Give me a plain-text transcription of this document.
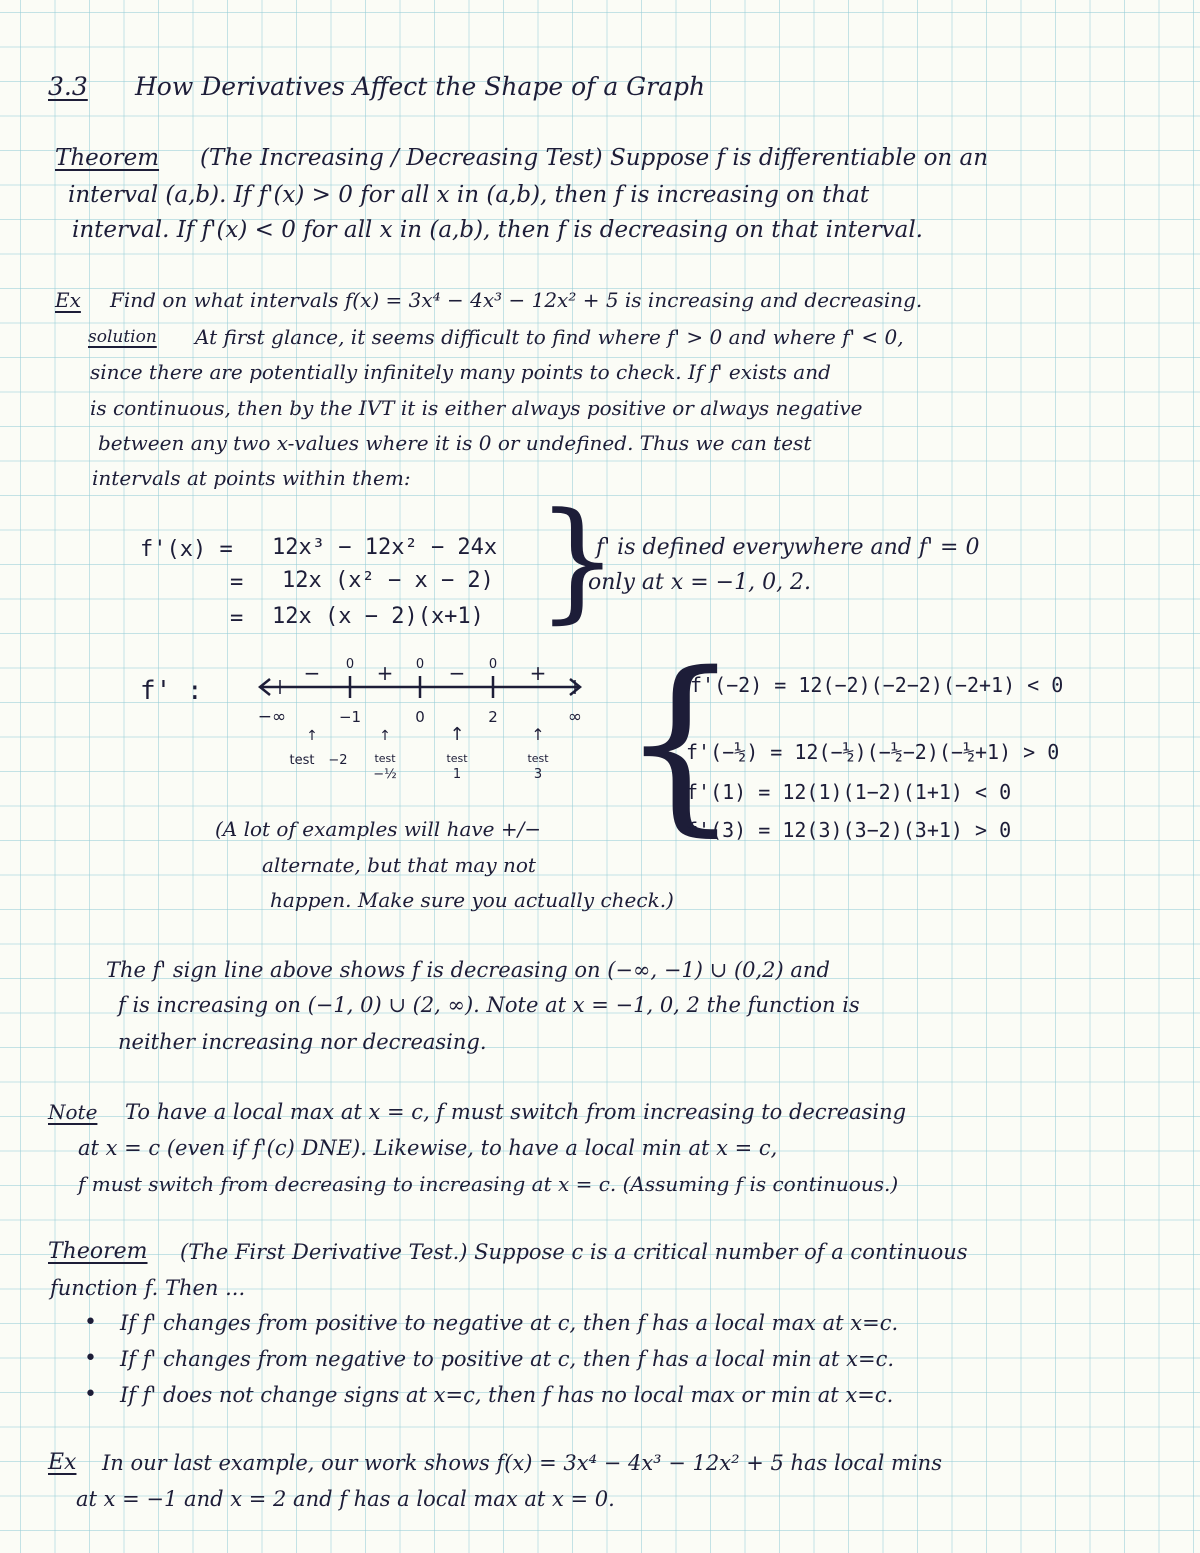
3.3 How Derivatives Affect the Shape of a Graph
Theorem (The Increasing / Decreasing Test) Suppose f is differentiable on an
interval (a,b). If f'(x) > 0 for all x in (a,b), then f is increasing on that
interval. If f'(x) < 0 for all x in (a,b), then f is decreasing on that interval.
Ex Find on what intervals f(x) = 3x⁴ − 4x³ − 12x² + 5 is increasing and decreasing.
solution At first glance, it seems difficult to find where f' > 0 and where f' < 0,
since there are potentially infinitely many points to check. If f' exists and
is continuous, then by the IVT it is either always positive or always negative
between any two x-values where it is 0 or undefined. Thus we can test
intervals at points within them:
f'(x) = 12x³ − 12x² − 24x
= 12x (x² − x − 2)
= 12x (x − 2)(x+1) }
f' is defined everywhere and f' = 0
only at x = −1, 0, 2.
f' :
−	+	−	+
0	0	0
−∞	−1	0	2	∞
↑	↑	↑	↑
test −2 test
−½
test
1
test
3
(A lot of examples will have +/−
alternate, but that may not
happen. Make sure you actually check.)
{
f'(−2) = 12(−2)(−2−2)(−2+1) < 0
f'(−½) = 12(−½)(−½−2)(−½+1) > 0
f'(1) = 12(1)(1−2)(1+1) < 0
f'(3) = 12(3)(3−2)(3+1) > 0
The f' sign line above shows f is decreasing on (−∞, −1) ∪ (0,2) and
f is increasing on (−1, 0) ∪ (2, ∞). Note at x = −1, 0, 2 the function is
neither increasing nor decreasing.
Note To have a local max at x = c, f must switch from increasing to decreasing
at x = c (even if f'(c) DNE). Likewise, to have a local min at x = c,
f must switch from decreasing to increasing at x = c. (Assuming f is continuous.)
Theorem (The First Derivative Test.) Suppose c is a critical number of a continuous
function f. Then ...
• If f' changes from positive to negative at c, then f has a local max at x=c.
• If f' changes from negative to positive at c, then f has a local min at x=c.
• If f' does not change signs at x=c, then f has no local max or min at x=c.
Ex In our last example, our work shows f(x) = 3x⁴ − 4x³ − 12x² + 5 has local mins
at x = −1 and x = 2 and f has a local max at x = 0.
